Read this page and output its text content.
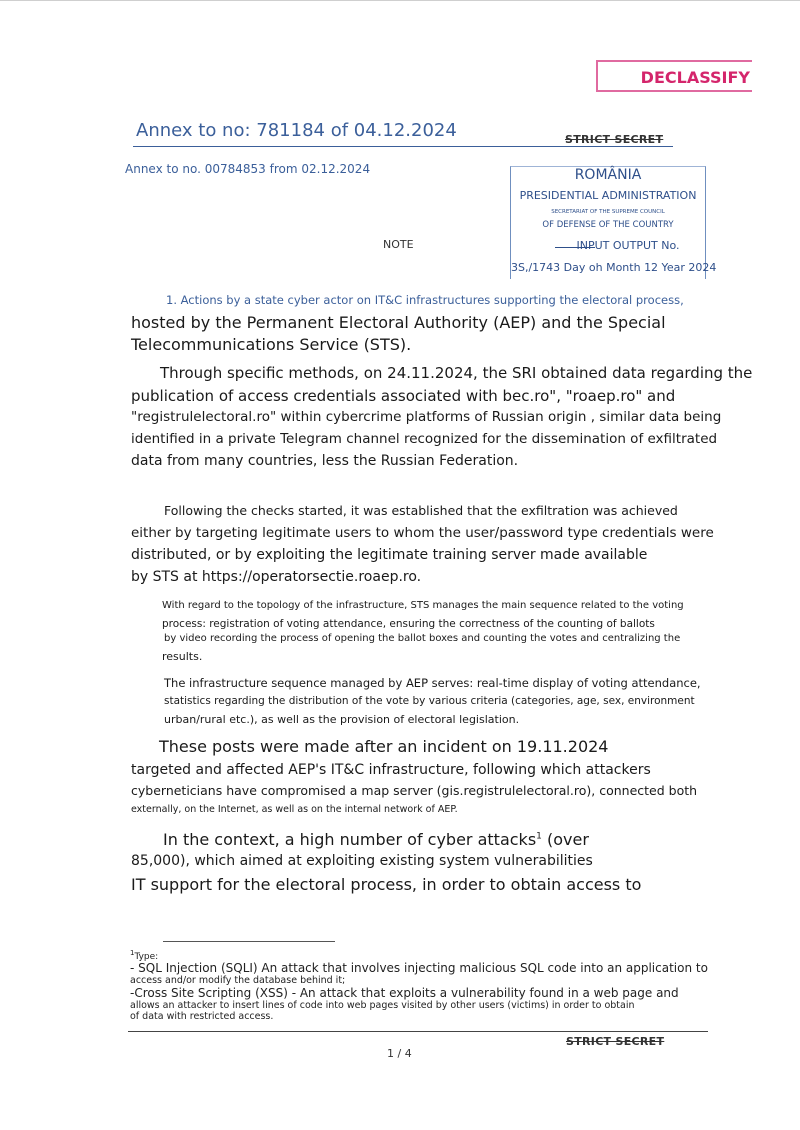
DECLASSIFY
Annex to no: 781184 of 04.12.2024	STRICT SECRET
Annex to no. 00784853 from 02.12.2024	ROMÂNIA
PRESIDENTIAL ADMINISTRATION
SECRETARIAT OF THE SUPREME COUNCIL
OF DEFENSE OF THE COUNTRY
INPUT OUTPUT No.
3S,/1743 Day oh Month 12 Year 2024
NOTE
1. Actions by a state cyber actor on IT&C infrastructures supporting the electoral process,
hosted by the Permanent Electoral Authority (AEP) and the Special
Telecommunications Service (STS).
Through specific methods, on 24.11.2024, the SRI obtained data regarding the
publication of access credentials associated with bec.ro", "roaep.ro" and
"registrulelectoral.ro" within cybercrime platforms of Russian origin , similar data being
identified in a private Telegram channel recognized for the dissemination of exfiltrated
data from many countries, less the Russian Federation.
Following the checks started, it was established that the exfiltration was achieved
either by targeting legitimate users to whom the user/password type credentials were
distributed, or by exploiting the legitimate training server made available
by STS at https://operatorsectie.roaep.ro.
With regard to the topology of the infrastructure, STS manages the main sequence related to the voting
process: registration of voting attendance, ensuring the correctness of the counting of ballots
by video recording the process of opening the ballot boxes and counting the votes and centralizing the
results.
The infrastructure sequence managed by AEP serves: real-time display of voting attendance,
statistics regarding the distribution of the vote by various criteria (categories, age, sex, environment
urban/rural etc.), as well as the provision of electoral legislation.
These posts were made after an incident on 19.11.2024
targeted and affected AEP's IT&C infrastructure, following which attackers
cyberneticians have compromised a map server (gis.registrulelectoral.ro), connected both
externally, on the Internet, as well as on the internal network of AEP.
In the context, a high number of cyber attacks$^1$ (over
85,000), which aimed at exploiting existing system vulnerabilities
IT support for the electoral process, in order to obtain access to
$^1$Type:
- SQL Injection (SQLI) An attack that involves injecting malicious SQL code into an application to
access and/or modify the database behind it;
-Cross Site Scripting (XSS) - An attack that exploits a vulnerability found in a web page and
allows an attacker to insert lines of code into web pages visited by other users (victims) in order to obtain
of data with restricted access.
STRICT SECRET
1 / 4
